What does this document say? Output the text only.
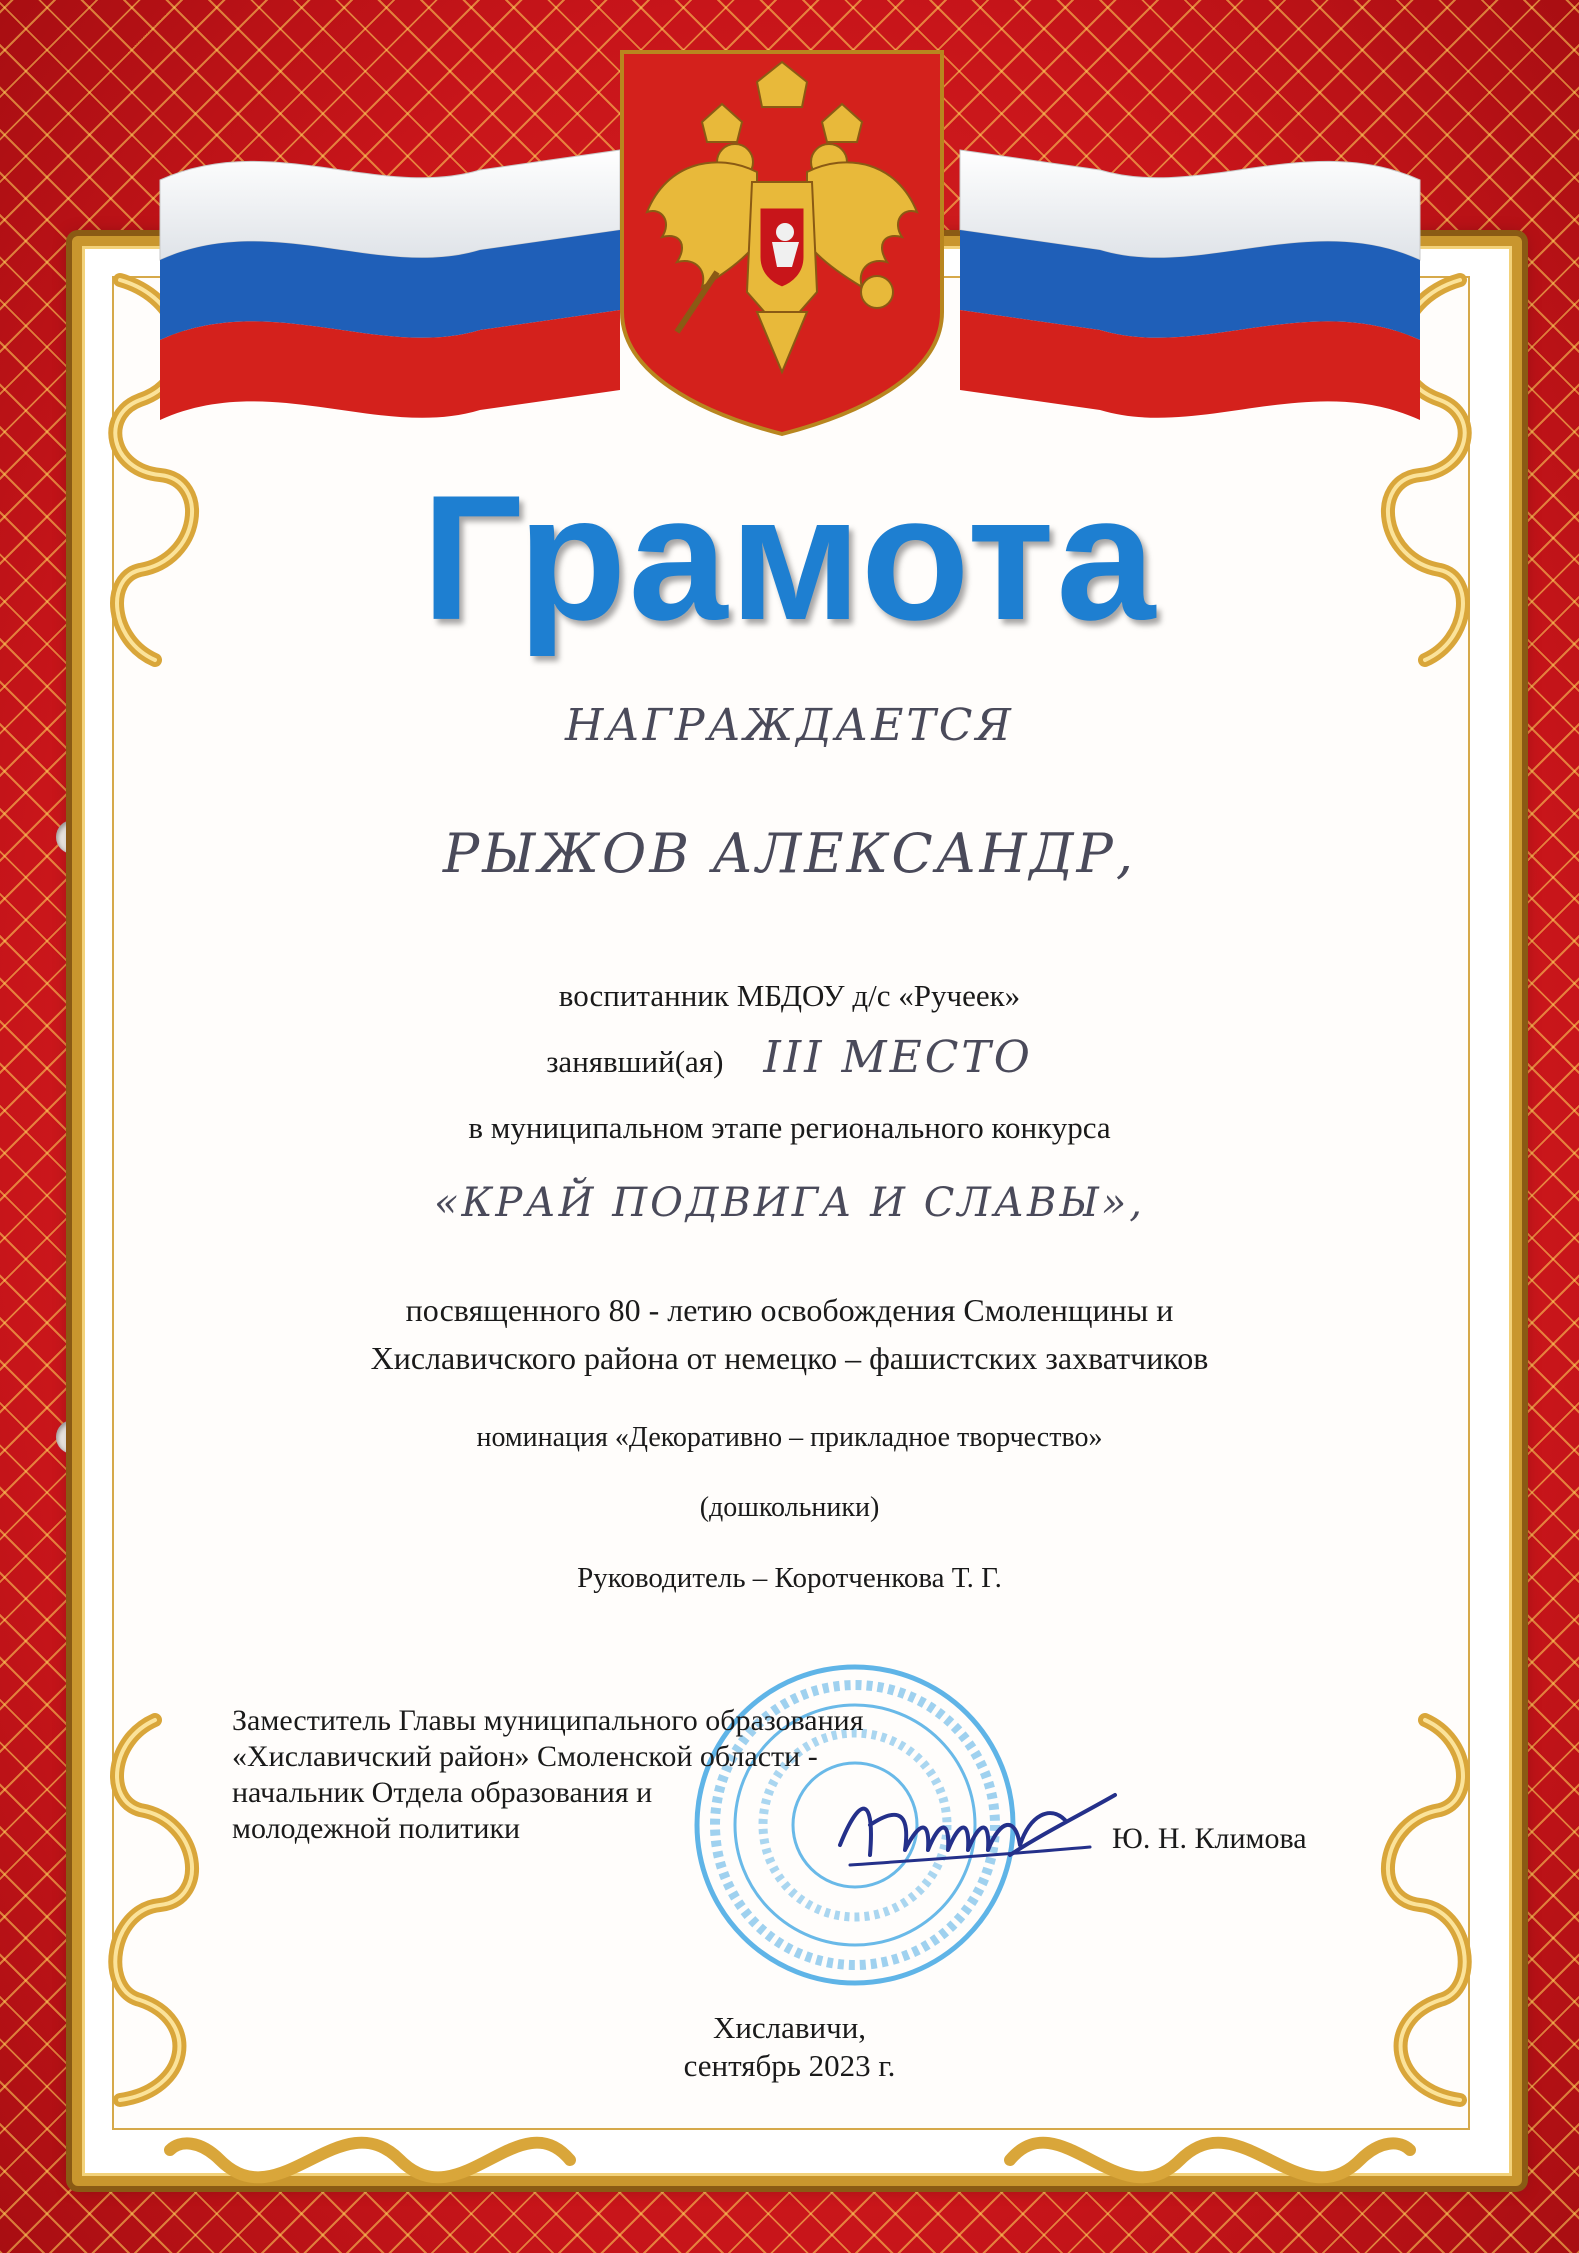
Грамота
НАГРАЖДАЕТСЯ
РЫЖОВ АЛЕКСАНДР,
воспитанник МБДОУ д/с «Ручеек»
занявший(ая) III МЕСТО
в муниципальном этапе регионального конкурса
«КРАЙ ПОДВИГА И СЛАВЫ»,
посвященного 80 - летию освобождения Смоленщины и
Хиславичского района от немецко – фашистских захватчиков
номинация «Декоративно – прикладное творчество»
(дошкольники)
Руководитель – Коротченкова Т. Г.
Заместитель Главы муниципального образования
«Хиславичский район» Смоленской области -
начальник Отдела образования и
молодежной политики	Ю. Н. Климова
Хиславичи,
сентябрь 2023 г.
